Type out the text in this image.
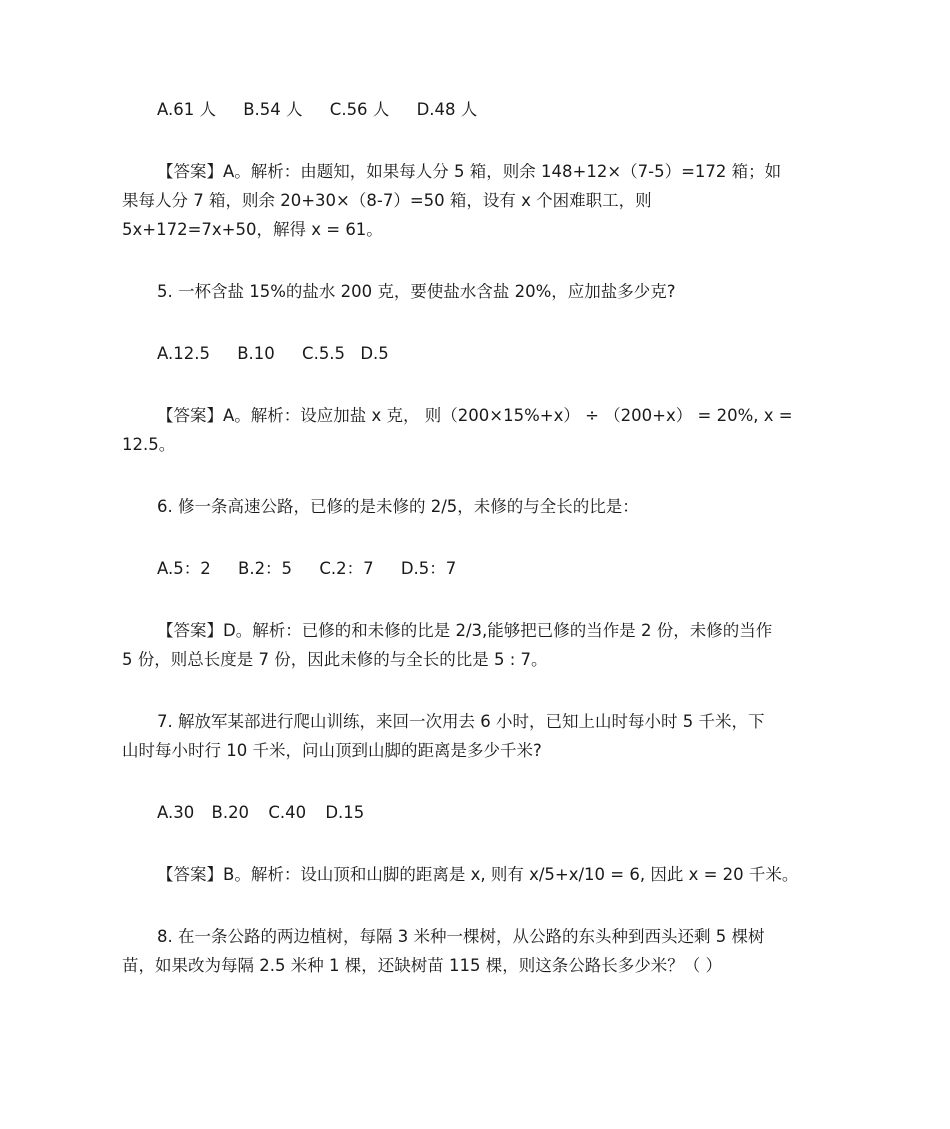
A.61 人 B.54 人 C.56 人 D.48 人
【答案】A。解析：由题知，如果每人分 5 箱，则余 148+12×（7-5）=172 箱；如
果每人分 7 箱，则余 20+30×（8-7）=50 箱，设有 x 个困难职工，则
5x+172=7x+50，解得 x = 61。
5. 一杯含盐 15%的盐水 200 克，要使盐水含盐 20%，应加盐多少克?
A.12.5 B.10 C.5.5 D.5
【答案】A。解析：设应加盐 x 克， 则（200×15%+x） ÷ （200+x） = 20%, x =
12.5。
6. 修一条高速公路，已修的是未修的 2/5，未修的与全长的比是：
A.5：2 B.2：5 C.2：7 D.5：7
【答案】D。解析：已修的和未修的比是 2/3,能够把已修的当作是 2 份，未修的当作
5 份，则总长度是 7 份，因此未修的与全长的比是 5 : 7。
7. 解放军某部进行爬山训练，来回一次用去 6 小时，已知上山时每小时 5 千米，下
山时每小时行 10 千米，问山顶到山脚的距离是多少千米?
A.30 B.20 C.40 D.15
【答案】B。解析：设山顶和山脚的距离是 x, 则有 x/5+x/10 = 6, 因此 x = 20 千米。
8. 在一条公路的两边植树，每隔 3 米种一棵树，从公路的东头种到西头还剩 5 棵树
苗，如果改为每隔 2.5 米种 1 棵，还缺树苗 115 棵，则这条公路长多少米？（ ）
